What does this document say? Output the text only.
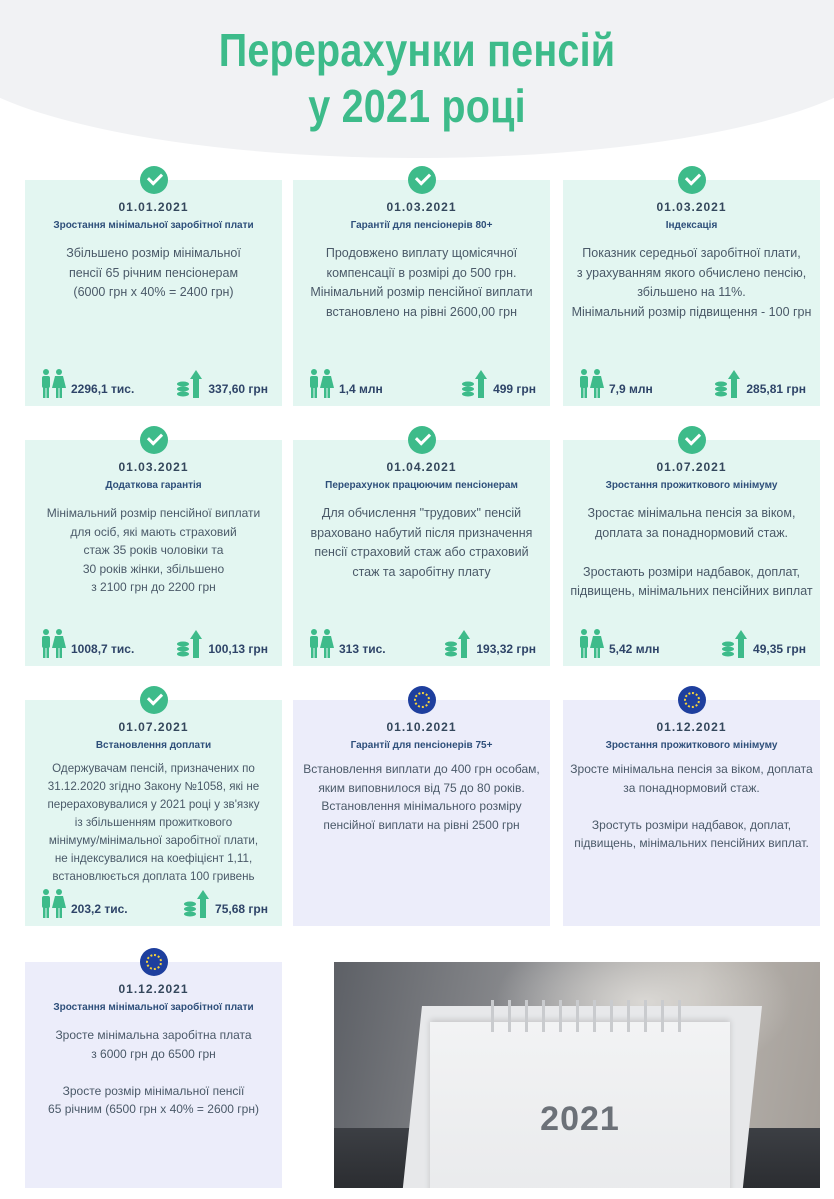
Перерахунки пенсій
у 2021 році
01.01.2021
Зростання мінімальної заробітної плати
Збільшено розмір мінімальної
пенсії 65 річним пенсіонерам
(6000 грн х 40% = 2400 грн)
2296,1 тис.	337,60 грн
01.03.2021
Гарантії для пенсіонерів 80+
Продовжено виплату щомісячної
компенсації в розмірі до 500 грн.
Мінімальний розмір пенсійної виплати
встановлено на рівні 2600,00 грн
1,4 млн	499 грн
01.03.2021
Індексація
Показник середньої заробітної плати,
з урахуванням якого обчислено пенсію,
збільшено на 11%.
Мінімальний розмір підвищення - 100 грн
7,9 млн	285,81 грн
01.03.2021
Додаткова гарантія
Мінімальний розмір пенсійної виплати
для осіб, які мають страховий
стаж 35 років чоловіки та
30 років жінки, збільшено
з 2100 грн до 2200 грн
1008,7 тис.	100,13 грн
01.04.2021
Перерахунок працюючим пенсіонерам
Для обчислення "трудових" пенсій
враховано набутий після призначення
пенсії страховий стаж або страховий
стаж та заробітну плату
313 тис.	193,32 грн
01.07.2021
Зростання прожиткового мінімуму
Зростає мінімальна пенсія за віком,
доплата за понаднормовий стаж.

Зростають розміри надбавок, доплат,
підвищень, мінімальних пенсійних виплат
5,42 млн	49,35 грн
01.07.2021
Встановлення доплати
Одержувачам пенсій, призначених по
31.12.2020 згідно Закону №1058, які не
перераховувалися у 2021 році у зв'язку
із збільшенням прожиткового
мінімуму/мінімальної заробітної плати,
не індексувалися на коефіцієнт 1,11,
встановлюється доплата 100 гривень
203,2 тис.	75,68 грн
01.10.2021
Гарантії для пенсіонерів 75+
Встановлення виплати до 400 грн особам,
яким виповнилося від 75 до 80 років.
Встановлення мінімального розміру
пенсійної виплати на рівні 2500 грн
01.12.2021
Зростання прожиткового мінімуму
Зросте мінімальна пенсія за віком, доплата
за понаднормовий стаж.

Зростуть розміри надбавок, доплат,
підвищень, мінімальних пенсійних виплат.
01.12.2021
Зростання мінімальної заробітної плати
Зросте мінімальна заробітна плата
з 6000 грн до 6500 грн

Зросте розмір мінімальної пенсії
65 річним (6500 грн х 40% = 2600 грн)	2021
